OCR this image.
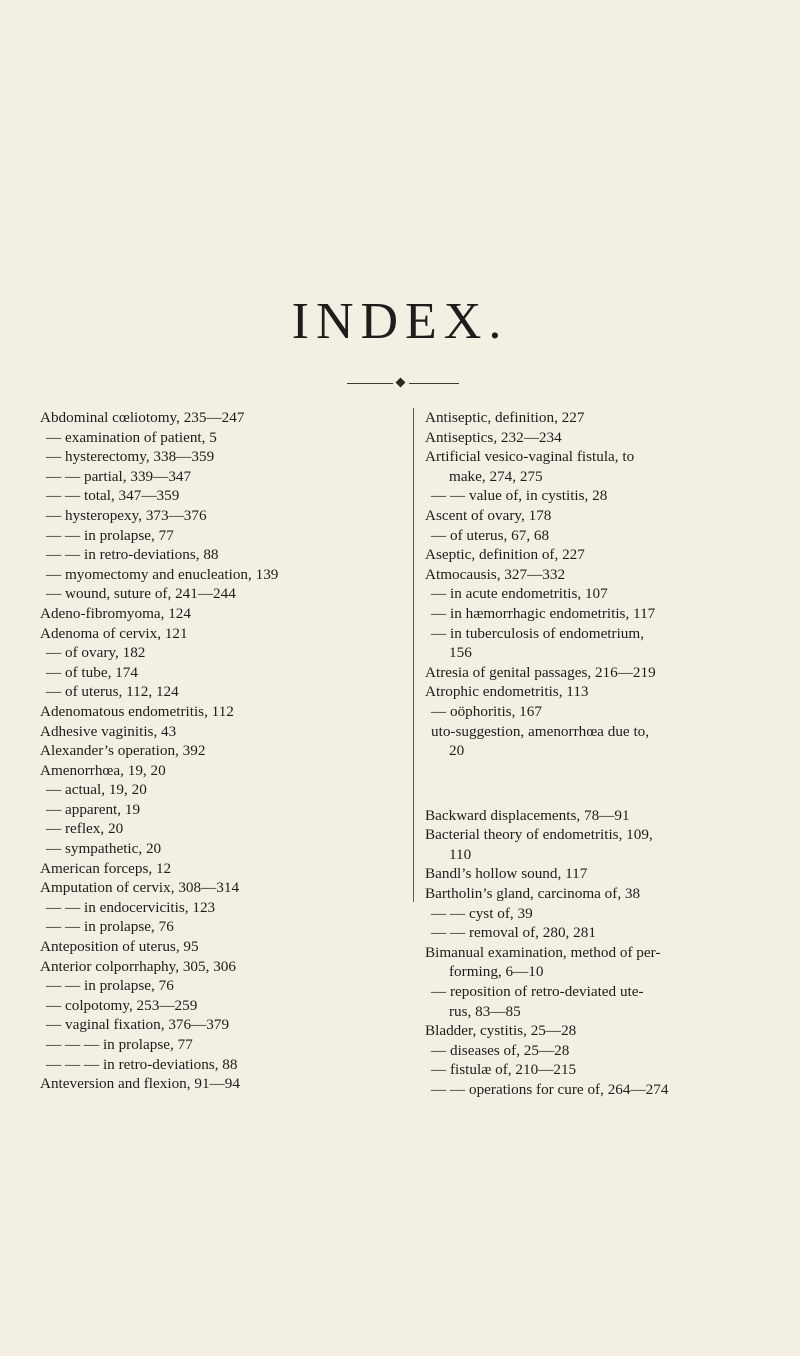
INDEX.
Abdominal cœliotomy, 235—247
— examination of patient, 5
— hysterectomy, 338—359
— — partial, 339—347
— — total, 347—359
— hysteropexy, 373—376
— — in prolapse, 77
— — in retro-deviations, 88
— myomectomy and enucleation, 139
— wound, suture of, 241—244
Adeno-fibromyoma, 124
Adenoma of cervix, 121
— of ovary, 182
— of tube, 174
— of uterus, 112, 124
Adenomatous endometritis, 112
Adhesive vaginitis, 43
Alexander’s operation, 392
Amenorrhœa, 19, 20
— actual, 19, 20
— apparent, 19
— reflex, 20
— sympathetic, 20
American forceps, 12
Amputation of cervix, 308—314
— — in endocervicitis, 123
— — in prolapse, 76
Anteposition of uterus, 95
Anterior colporrhaphy, 305, 306
— — in prolapse, 76
— colpotomy, 253—259
— vaginal fixation, 376—379
— — — in prolapse, 77
— — — in retro-deviations, 88
Anteversion and flexion, 91—94
Antiseptic, definition, 227
Antiseptics, 232—234
Artificial vesico-vaginal fistula, to
make, 274, 275
— — value of, in cystitis, 28
Ascent of ovary, 178
— of uterus, 67, 68
Aseptic, definition of, 227
Atmocausis, 327—332
— in acute endometritis, 107
— in hæmorrhagic endometritis, 117
— in tuberculosis of endometrium,
156
Atresia of genital passages, 216—219
Atrophic endometritis, 113
— oöphoritis, 167
uto-suggestion, amenorrhœa due to,
20
Backward displacements, 78—91
Bacterial theory of endometritis, 109,
110
Bandl’s hollow sound, 117
Bartholin’s gland, carcinoma of, 38
— — cyst of, 39
— — removal of, 280, 281
Bimanual examination, method of per-
forming, 6—10
— reposition of retro-deviated ute-
rus, 83—85
Bladder, cystitis, 25—28
— diseases of, 25—28
— fistulæ of, 210—215
— — operations for cure of, 264—274
